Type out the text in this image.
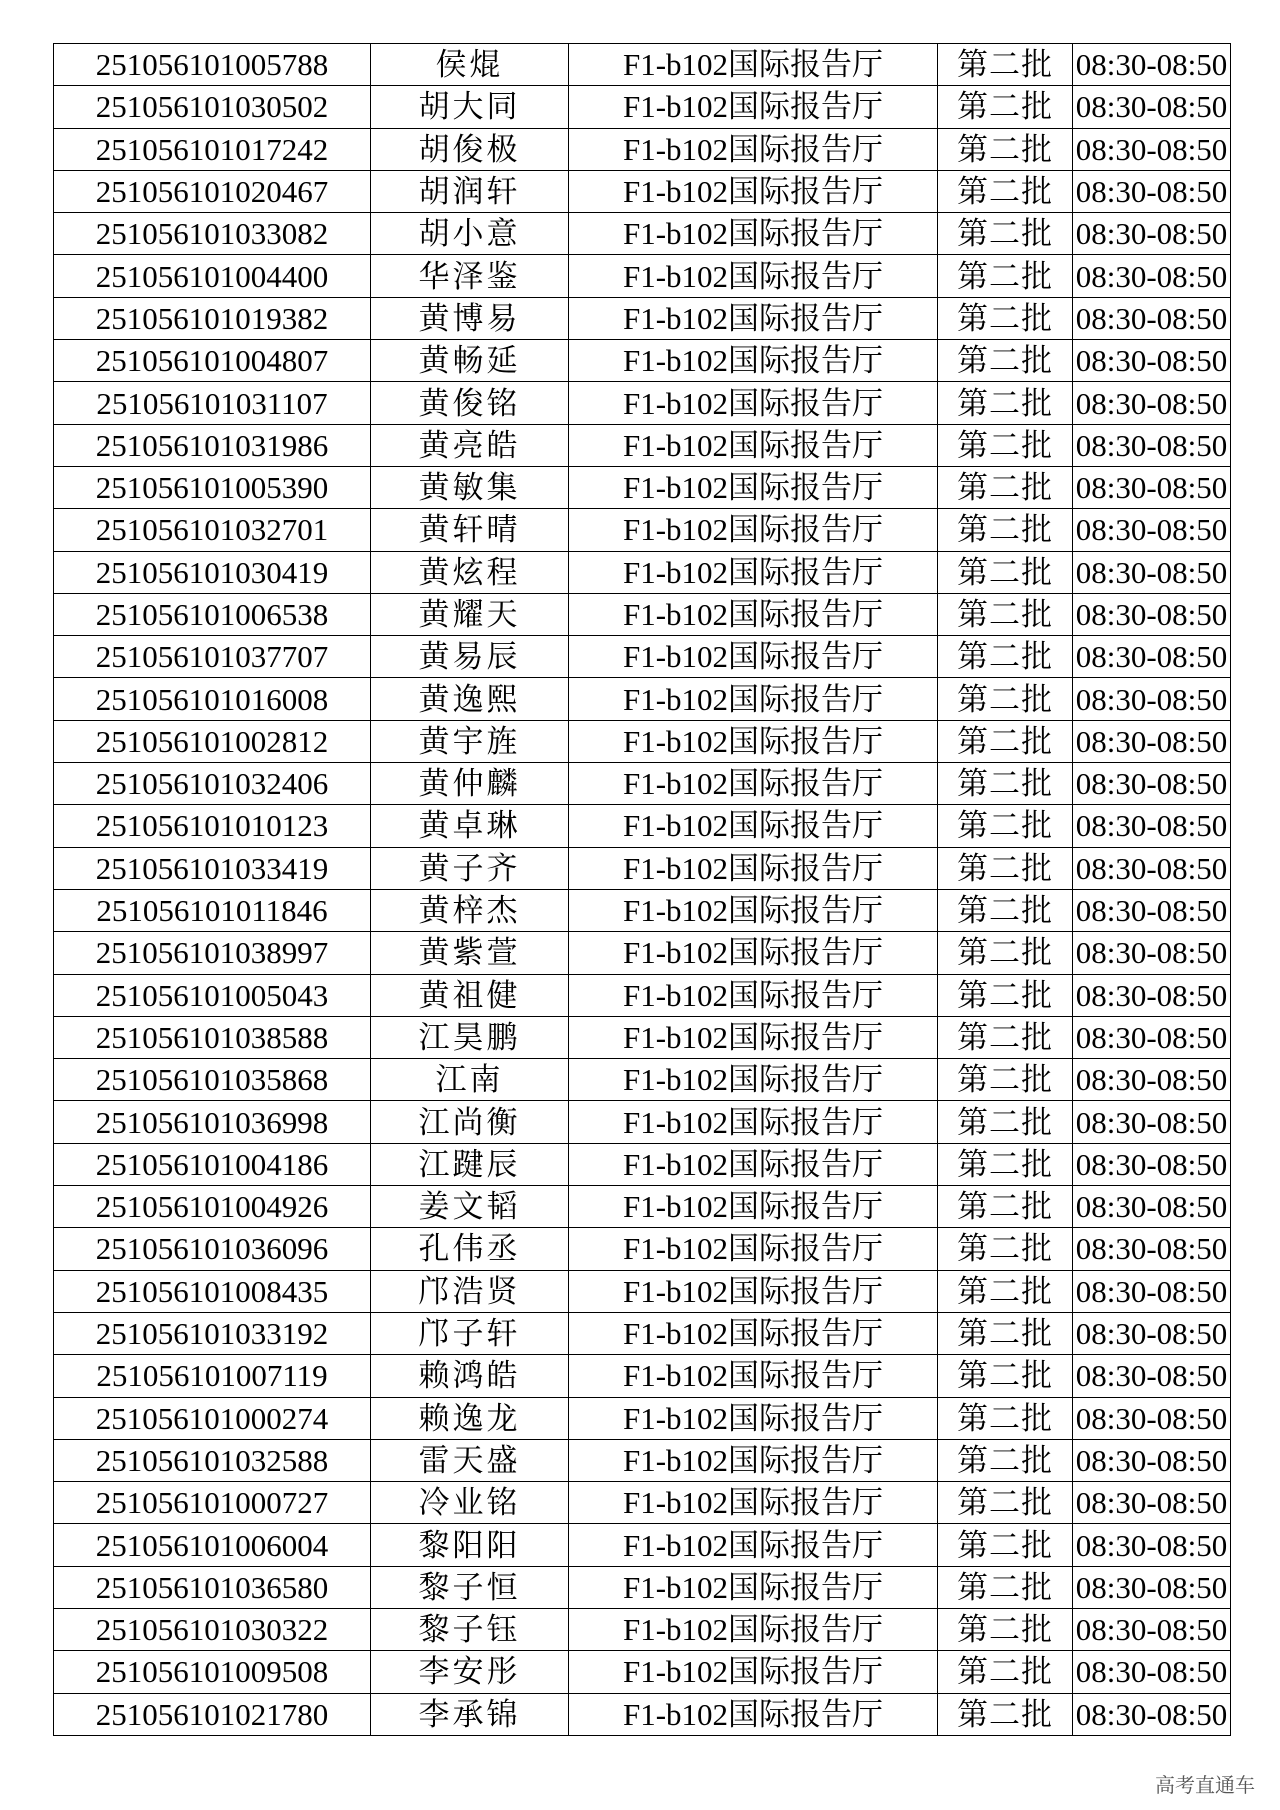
251056101005788	侯焜	F1-b102国际报告厅	第二批	08:30-08:50
251056101030502	胡大同	F1-b102国际报告厅	第二批	08:30-08:50
251056101017242	胡俊极	F1-b102国际报告厅	第二批	08:30-08:50
251056101020467	胡润轩	F1-b102国际报告厅	第二批	08:30-08:50
251056101033082	胡小意	F1-b102国际报告厅	第二批	08:30-08:50
251056101004400	华泽鉴	F1-b102国际报告厅	第二批	08:30-08:50
251056101019382	黄博易	F1-b102国际报告厅	第二批	08:30-08:50
251056101004807	黄畅延	F1-b102国际报告厅	第二批	08:30-08:50
251056101031107	黄俊铭	F1-b102国际报告厅	第二批	08:30-08:50
251056101031986	黄亮皓	F1-b102国际报告厅	第二批	08:30-08:50
251056101005390	黄敏集	F1-b102国际报告厅	第二批	08:30-08:50
251056101032701	黄轩晴	F1-b102国际报告厅	第二批	08:30-08:50
251056101030419	黄炫程	F1-b102国际报告厅	第二批	08:30-08:50
251056101006538	黄耀天	F1-b102国际报告厅	第二批	08:30-08:50
251056101037707	黄易辰	F1-b102国际报告厅	第二批	08:30-08:50
251056101016008	黄逸熙	F1-b102国际报告厅	第二批	08:30-08:50
251056101002812	黄宇旌	F1-b102国际报告厅	第二批	08:30-08:50
251056101032406	黄仲麟	F1-b102国际报告厅	第二批	08:30-08:50
251056101010123	黄卓琳	F1-b102国际报告厅	第二批	08:30-08:50
251056101033419	黄子齐	F1-b102国际报告厅	第二批	08:30-08:50
251056101011846	黄梓杰	F1-b102国际报告厅	第二批	08:30-08:50
251056101038997	黄紫萱	F1-b102国际报告厅	第二批	08:30-08:50
251056101005043	黄祖健	F1-b102国际报告厅	第二批	08:30-08:50
251056101038588	江昊鹏	F1-b102国际报告厅	第二批	08:30-08:50
251056101035868	江南	F1-b102国际报告厅	第二批	08:30-08:50
251056101036998	江尚衡	F1-b102国际报告厅	第二批	08:30-08:50
251056101004186	江踺辰	F1-b102国际报告厅	第二批	08:30-08:50
251056101004926	姜文韬	F1-b102国际报告厅	第二批	08:30-08:50
251056101036096	孔伟丞	F1-b102国际报告厅	第二批	08:30-08:50
251056101008435	邝浩贤	F1-b102国际报告厅	第二批	08:30-08:50
251056101033192	邝子轩	F1-b102国际报告厅	第二批	08:30-08:50
251056101007119	赖鸿皓	F1-b102国际报告厅	第二批	08:30-08:50
251056101000274	赖逸龙	F1-b102国际报告厅	第二批	08:30-08:50
251056101032588	雷天盛	F1-b102国际报告厅	第二批	08:30-08:50
251056101000727	冷业铭	F1-b102国际报告厅	第二批	08:30-08:50
251056101006004	黎阳阳	F1-b102国际报告厅	第二批	08:30-08:50
251056101036580	黎子恒	F1-b102国际报告厅	第二批	08:30-08:50
251056101030322	黎子钰	F1-b102国际报告厅	第二批	08:30-08:50
251056101009508	李安彤	F1-b102国际报告厅	第二批	08:30-08:50
251056101021780	李承锦	F1-b102国际报告厅	第二批	08:30-08:50
高考直通车
